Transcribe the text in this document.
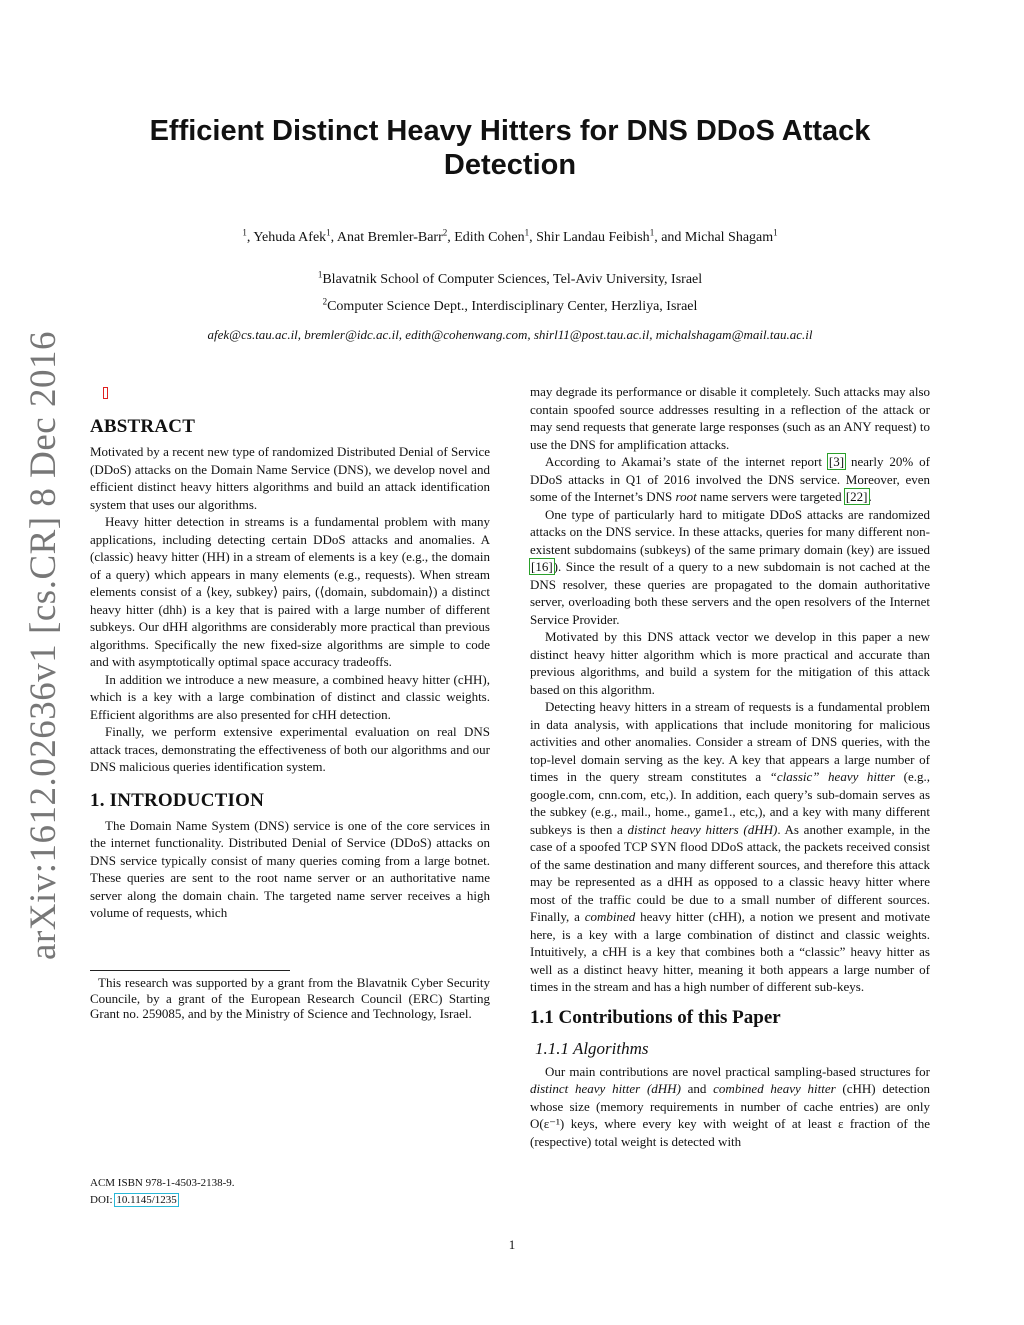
arXiv:1612.02636v1 [cs.CR] 8 Dec 2016
Efficient Distinct Heavy Hitters for DNS DDoS Attack Detection
$^1$, Yehuda Afek$^1$, Anat Bremler-Barr$^2$, Edith Cohen$^1$, Shir Landau Feibish$^1$, and Michal Shagam$^1$
$^1$Blavatnik School of Computer Sciences, Tel-Aviv University, Israel
$^2$Computer Science Dept., Interdisciplinary Center, Herzliya, Israel
afek@cs.tau.ac.il, bremler@idc.ac.il, edith@cohenwang.com, shirl11@post.tau.ac.il, michalshagam@mail.tau.ac.il
ABSTRACT

Motivated by a recent new type of randomized Distributed Denial of Service (DDoS) attacks on the Domain Name Service (DNS), we develop novel and efficient distinct heavy hitters algorithms and build an attack identification system that uses our algorithms.

Heavy hitter detection in streams is a fundamental problem with many applications, including detecting certain DDoS attacks and anomalies. A (classic) heavy hitter (HH) in a stream of elements is a key (e.g., the domain of a query) which appears in many elements (e.g., requests). When stream elements consist of a ⟨key, subkey⟩ pairs, (⟨domain, subdomain⟩) a distinct heavy hitter (dhh) is a key that is paired with a large number of different subkeys. Our dHH algorithms are considerably more practical than previous algorithms. Specifically the new fixed-size algorithms are simple to code and with asymptotically optimal space accuracy tradeoffs.

In addition we introduce a new measure, a combined heavy hitter (cHH), which is a key with a large combination of distinct and classic weights. Efficient algorithms are also presented for cHH detection.

Finally, we perform extensive experimental evaluation on real DNS attack traces, demonstrating the effectiveness of both our algorithms and our DNS malicious queries identification system.

1. INTRODUCTION

The Domain Name System (DNS) service is one of the core services in the internet functionality. Distributed Denial of Service (DDoS) attacks on DNS service typically consist of many queries coming from a large botnet. These queries are sent to the root name server or an authoritative name server along the domain chain. The targeted name server receives a high volume of requests, which

This research was supported by a grant from the Blavatnik Cyber Security Councile, by a grant of the European Research Council (ERC) Starting Grant no. 259085, and by the Ministry of Science and Technology, Israel.

ACM ISBN 978-1-4503-2138-9.
DOI: 10.1145/1235

may degrade its performance or disable it completely. Such attacks may also contain spoofed source addresses resulting in a reflection of the attack or may send requests that generate large responses (such as an ANY request) to use the DNS for amplification attacks.

According to Akamai’s state of the internet report [3] nearly 20% of DDoS attacks in Q1 of 2016 involved the DNS service. Moreover, even some of the Internet’s DNS root name servers were targeted [22].

One type of particularly hard to mitigate DDoS attacks are randomized attacks on the DNS service. In these attacks, queries for many different non-existent subdomains (subkeys) of the same primary domain (key) are issued [16]). Since the result of a query to a new subdomain is not cached at the DNS resolver, these queries are propagated to the domain authoritative server, overloading both these servers and the open resolvers of the Internet Service Provider.

Motivated by this DNS attack vector we develop in this paper a new distinct heavy hitter algorithm which is more practical and accurate than previous algorithms, and build a system for the mitigation of this attack based on this algorithm.

Detecting heavy hitters in a stream of requests is a fundamental problem in data analysis, with applications that include monitoring for malicious activities and other anomalies. Consider a stream of DNS queries, with the top-level domain serving as the key. A key that appears a large number of times in the query stream constitutes a “classic” heavy hitter (e.g., google.com, cnn.com, etc,). In addition, each query’s sub-domain serves as the subkey (e.g., mail., home., game1., etc,), and a key with many different subkeys is then a distinct heavy hitters (dHH). As another example, in the case of a spoofed TCP SYN flood DDoS attack, the packets received consist of the same destination and many different sources, and therefore this attack may be represented as a dHH as opposed to a classic heavy hitter where most of the traffic could be due to a small number of different sources. Finally, a combined heavy hitter (cHH), a notion we present and motivate here, is a key with a large combination of distinct and classic weights. Intuitively, a cHH is a key that combines both a “classic” heavy hitter as well as a distinct heavy hitter, meaning it both appears a large number of times in the stream and has a high number of different sub-keys.

1.1 Contributions of this Paper
1.1.1 Algorithms

Our main contributions are novel practical sampling-based structures for distinct heavy hitter (dHH) and combined heavy hitter (cHH) detection whose size (memory requirements in number of cache entries) are only O(ε⁻¹) keys, where every key with weight of at least ε fraction of the (respective) total weight is detected with

1
